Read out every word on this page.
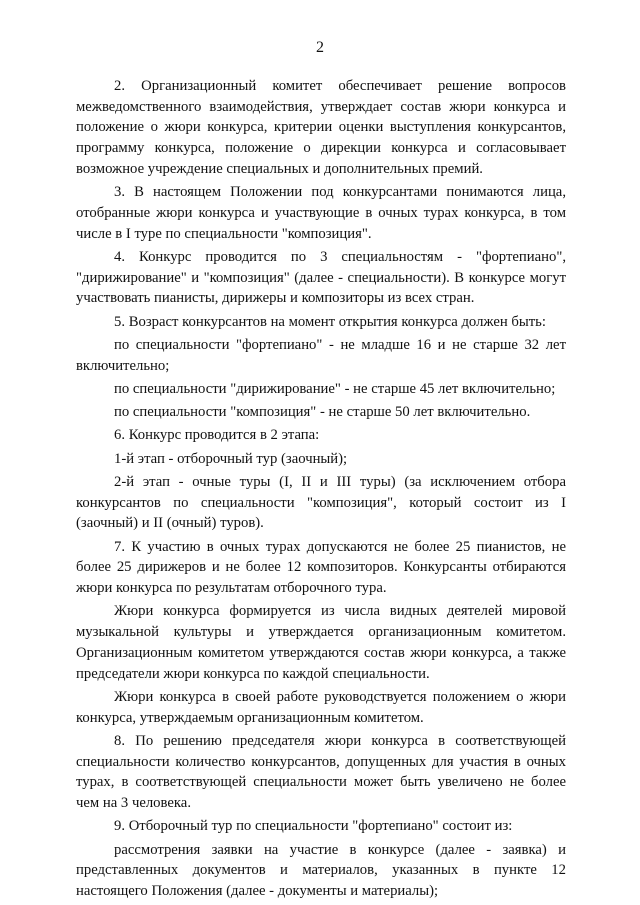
2

2. Организационный комитет обеспечивает решение вопросов межведомственного взаимодействия, утверждает состав жюри конкурса и положение о жюри конкурса, критерии оценки выступления конкурсантов, программу конкурса, положение о дирекции конкурса и согласовывает возможное учреждение специальных и дополнительных премий.

3. В настоящем Положении под конкурсантами понимаются лица, отобранные жюри конкурса и участвующие в очных турах конкурса, в том числе в I туре по специальности "композиция".

4. Конкурс проводится по 3 специальностям - "фортепиано", "дирижирование" и "композиция" (далее - специальности). В конкурсе могут участвовать пианисты, дирижеры и композиторы из всех стран.

5. Возраст конкурсантов на момент открытия конкурса должен быть:

по специальности "фортепиано" - не младше 16 и не старше 32 лет включительно;

по специальности "дирижирование" - не старше 45 лет включительно;

по специальности "композиция" - не старше 50 лет включительно.

6. Конкурс проводится в 2 этапа:

1-й этап - отборочный тур (заочный);

2-й этап - очные туры (I, II и III туры) (за исключением отбора конкурсантов по специальности "композиция", который состоит из I (заочный) и II (очный) туров).

7. К участию в очных турах допускаются не более 25 пианистов, не более 25 дирижеров и не более 12 композиторов. Конкурсанты отбираются жюри конкурса по результатам отборочного тура.

Жюри конкурса формируется из числа видных деятелей мировой музыкальной культуры и утверждается организационным комитетом. Организационным комитетом утверждаются состав жюри конкурса, а также председатели жюри конкурса по каждой специальности.

Жюри конкурса в своей работе руководствуется положением о жюри конкурса, утверждаемым организационным комитетом.

8. По решению председателя жюри конкурса в соответствующей специальности количество конкурсантов, допущенных для участия в очных турах, в соответствующей специальности может быть увеличено не более чем на 3 человека.

9. Отборочный тур по специальности "фортепиано" состоит из:

рассмотрения заявки на участие в конкурсе (далее - заявка) и представленных документов и материалов, указанных в пункте 12 настоящего Положения (далее - документы и материалы);
